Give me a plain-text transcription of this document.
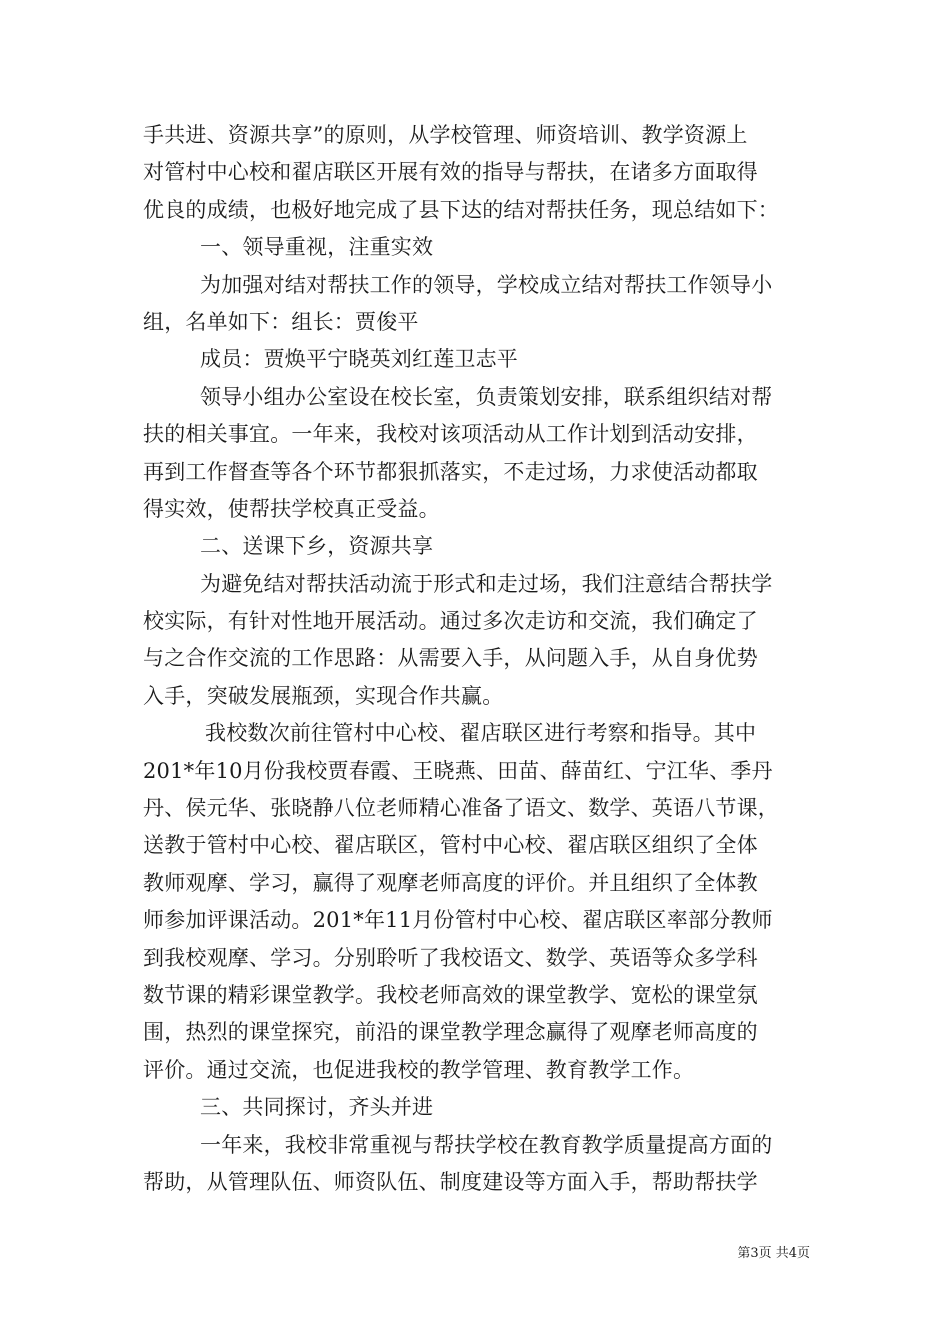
手共进、资源共享”的原则，从学校管理、师资培训、教学资源上
对管村中心校和翟店联区开展有效的指导与帮扶，在诸多方面取得
优良的成绩，也极好地完成了县下达的结对帮扶任务，现总结如下：
一、领导重视，注重实效
为加强对结对帮扶工作的领导，学校成立结对帮扶工作领导小
组，名单如下：组长：贾俊平
成员：贾焕平宁晓英刘红莲卫志平
领导小组办公室设在校长室，负责策划安排，联系组织结对帮
扶的相关事宜。一年来，我校对该项活动从工作计划到活动安排，
再到工作督查等各个环节都狠抓落实，不走过场，力求使活动都取
得实效，使帮扶学校真正受益。
二、送课下乡，资源共享
为避免结对帮扶活动流于形式和走过场，我们注意结合帮扶学
校实际，有针对性地开展活动。通过多次走访和交流，我们确定了
与之合作交流的工作思路：从需要入手，从问题入手，从自身优势
入手，突破发展瓶颈，实现合作共赢。
我校数次前往管村中心校、翟店联区进行考察和指导。其中
201*年10月份我校贾春霞、王晓燕、田苗、薛苗红、宁江华、季丹
丹、侯元华、张晓静八位老师精心准备了语文、数学、英语八节课，
送教于管村中心校、翟店联区，管村中心校、翟店联区组织了全体
教师观摩、学习，赢得了观摩老师高度的评价。并且组织了全体教
师参加评课活动。201*年11月份管村中心校、翟店联区率部分教师
到我校观摩、学习。分别聆听了我校语文、数学、英语等众多学科
数节课的精彩课堂教学。我校老师高效的课堂教学、宽松的课堂氛
围，热烈的课堂探究，前沿的课堂教学理念赢得了观摩老师高度的
评价。通过交流，也促进我校的教学管理、教育教学工作。
三、共同探讨，齐头并进
一年来，我校非常重视与帮扶学校在教育教学质量提高方面的
帮助，从管理队伍、师资队伍、制度建设等方面入手，帮助帮扶学
第3页 共4页
